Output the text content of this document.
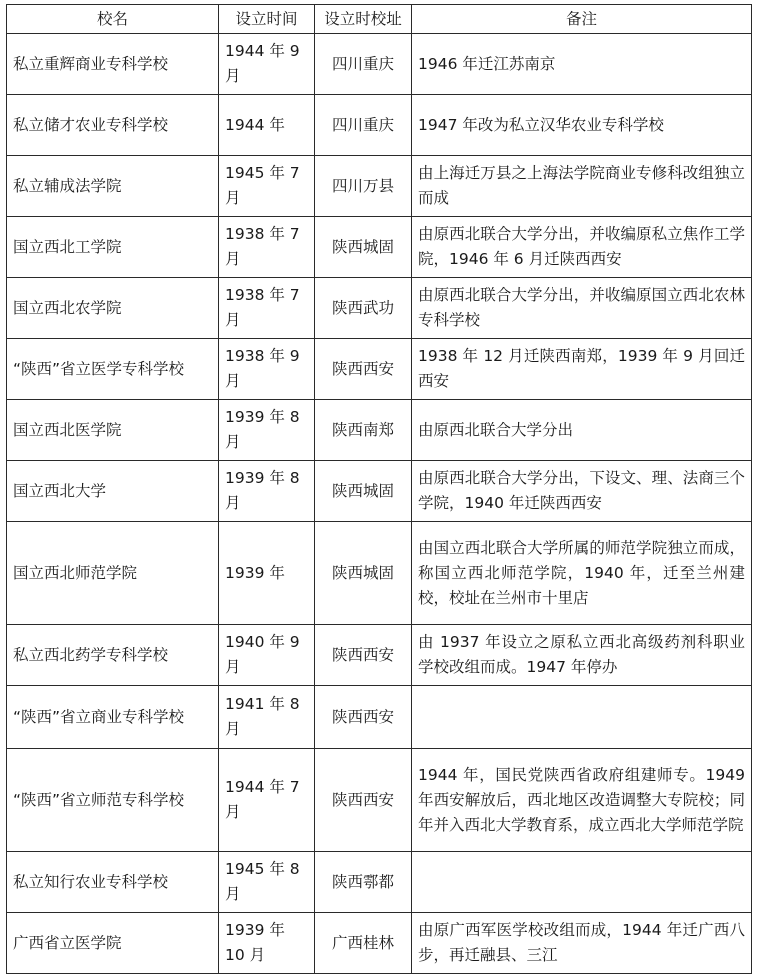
校名	设立时间	设立时校址	备注
私立重辉商业专科学校	1944 年 9 月	四川重庆	1946 年迁江苏南京
私立储才农业专科学校	1944 年	四川重庆	1947 年改为私立汉华农业专科学校
私立辅成法学院	1945 年 7 月	四川万县	由上海迁万县之上海法学院商业专修科改组独立而成
国立西北工学院	1938 年 7 月	陕西城固	由原西北联合大学分出，并收编原私立焦作工学院，1946 年 6 月迁陕西西安
国立西北农学院	1938 年 7 月	陕西武功	由原西北联合大学分出，并收编原国立西北农林专科学校
“陕西”省立医学专科学校	1938 年 9 月	陕西西安	1938 年 12 月迁陕西南郑，1939 年 9 月回迁西安
国立西北医学院	1939 年 8 月	陕西南郑	由原西北联合大学分出
国立西北大学	1939 年 8 月	陕西城固	由原西北联合大学分出，下设文、理、法商三个学院，1940 年迁陕西西安
国立西北师范学院	1939 年	陕西城固	由国立西北联合大学所属的师范学院独立而成，称国立西北师范学院，1940 年，迁至兰州建校，校址在兰州市十里店
私立西北药学专科学校	1940 年 9 月	陕西西安	由 1937 年设立之原私立西北高级药剂科职业学校改组而成。1947 年停办
“陕西”省立商业专科学校	1941 年 8 月	陕西西安	
“陕西”省立师范专科学校	1944 年 7 月	陕西西安	1944 年，国民党陕西省政府组建师专。1949 年西安解放后，西北地区改造调整大专院校；同年并入西北大学教育系，成立西北大学师范学院
私立知行农业专科学校	1945 年 8 月	陕西鄠都	
广西省立医学院	1939 年 10 月	广西桂林	由原广西军医学校改组而成，1944 年迁广西八步，再迁融县、三江
